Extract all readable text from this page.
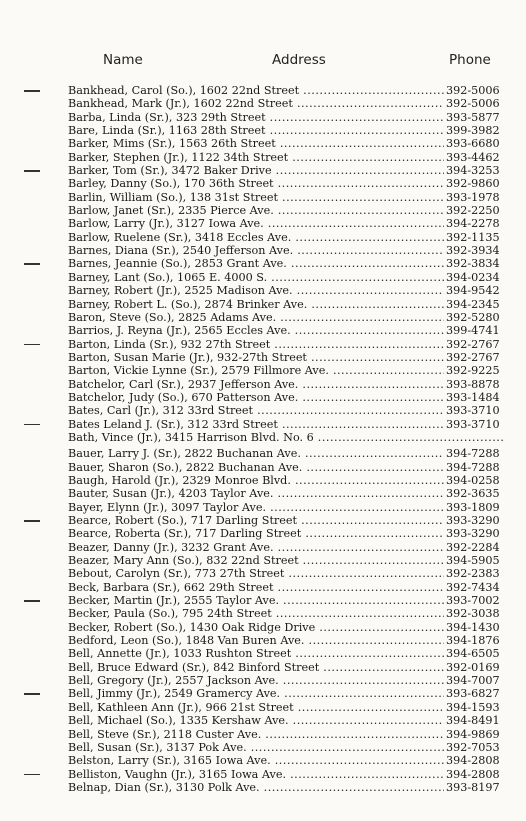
Name	Address	Phone
Bankhead, Carol (So.), 1602 22nd Street .....	392-5006
Bankhead, Mark (Jr.), 1602 22nd Street .....	392-5006
Barba, Linda (Sr.), 323 29th Street .....	393-5877
Bare, Linda (Sr.), 1163 28th Street .....	399-3982
Barker, Mims (Sr.), 1563 26th Street .....	393-6680
Barker, Stephen (Jr.), 1122 34th Street .....	393-4462
Barker, Tom (Sr.), 3472 Baker Drive .....	394-3253
Barley, Danny (So.), 170 36th Street .....	392-9860
Barlin, William (So.), 138 31st Street .....	393-1978
Barlow, Janet (Sr.), 2335 Pierce Ave. .....	392-2250
Barlow, Larry (Jr.), 3127 Iowa Ave. .....	394-2278
Barlow, Ruelene (Sr.), 3418 Eccles Ave. .....	392-1135
Barnes, Diana (Sr.), 2540 Jefferson Ave. .....	392-3934
Barnes, Jeannie (So.), 2853 Grant Ave. .....	392-3834
Barney, Lant (So.), 1065 E. 4000 S. .....	394-0234
Barney, Robert (Jr.), 2525 Madison Ave. .....	394-9542
Barney, Robert L. (So.), 2874 Brinker Ave. .....	394-2345
Baron, Steve (So.), 2825 Adams Ave. .....	392-5280
Barrios, J. Reyna (Jr.), 2565 Eccles Ave. .....	399-4741
Barton, Linda (Sr.), 932 27th Street .....	392-2767
Barton, Susan Marie (Jr.), 932-27th Street .....	392-2767
Barton, Vickie Lynne (Sr.), 2579 Fillmore Ave. .....	392-9225
Batchelor, Carl (Sr.), 2937 Jefferson Ave. .....	393-8878
Batchelor, Judy (So.), 670 Patterson Ave. .....	393-1484
Bates, Carl (Jr.), 312 33rd Street .....	393-3710
Bates Leland J. (Sr.), 312 33rd Street .....	393-3710
Bath, Vince (Jr.), 3415 Harrison Blvd. No. 6 .....
Bauer, Larry J. (Sr.), 2822 Buchanan Ave. .....	394-7288
Bauer, Sharon (So.), 2822 Buchanan Ave. .....	394-7288
Baugh, Harold (Jr.), 2329 Monroe Blvd. .....	394-0258
Bauter, Susan (Jr.), 4203 Taylor Ave. .....	392-3635
Bayer, Elynn (Jr.), 3097 Taylor Ave. .....	393-1809
Bearce, Robert (So.), 717 Darling Street .....	393-3290
Bearce, Roberta (Sr.), 717 Darling Street .....	393-3290
Beazer, Danny (Jr.), 3232 Grant Ave. .....	392-2284
Beazer, Mary Ann (So.), 832 22nd Street .....	394-5905
Bebout, Carolyn (Sr.), 773 27th Street .....	392-2383
Beck, Barbara (Sr.), 662 29th Street .....	392-7434
Becker, Martin (Jr.), 2555 Taylor Ave. .....	393-7002
Becker, Paula (So.), 795 24th Street .....	392-3038
Becker, Robert (So.), 1430 Oak Ridge Drive .....	394-1430
Bedford, Leon (So.), 1848 Van Buren Ave. .....	394-1876
Bell, Annette (Jr.), 1033 Rushton Street .....	394-6505
Bell, Bruce Edward (Sr.), 842 Binford Street .....	392-0169
Bell, Gregory (Jr.), 2557 Jackson Ave. .....	394-7007
Bell, Jimmy (Jr.), 2549 Gramercy Ave. .....	393-6827
Bell, Kathleen Ann (Jr.), 966 21st Street .....	394-1593
Bell, Michael (So.), 1335 Kershaw Ave. .....	394-8491
Bell, Steve (Sr.), 2118 Custer Ave. .....	394-9869
Bell, Susan (Sr.), 3137 Pok Ave. .....	392-7053
Belston, Larry (Sr.), 3165 Iowa Ave. .....	394-2808
Belliston, Vaughn (Jr.), 3165 Iowa Ave. .....	394-2808
Belnap, Dian (Sr.), 3130 Polk Ave. .....	393-8197
